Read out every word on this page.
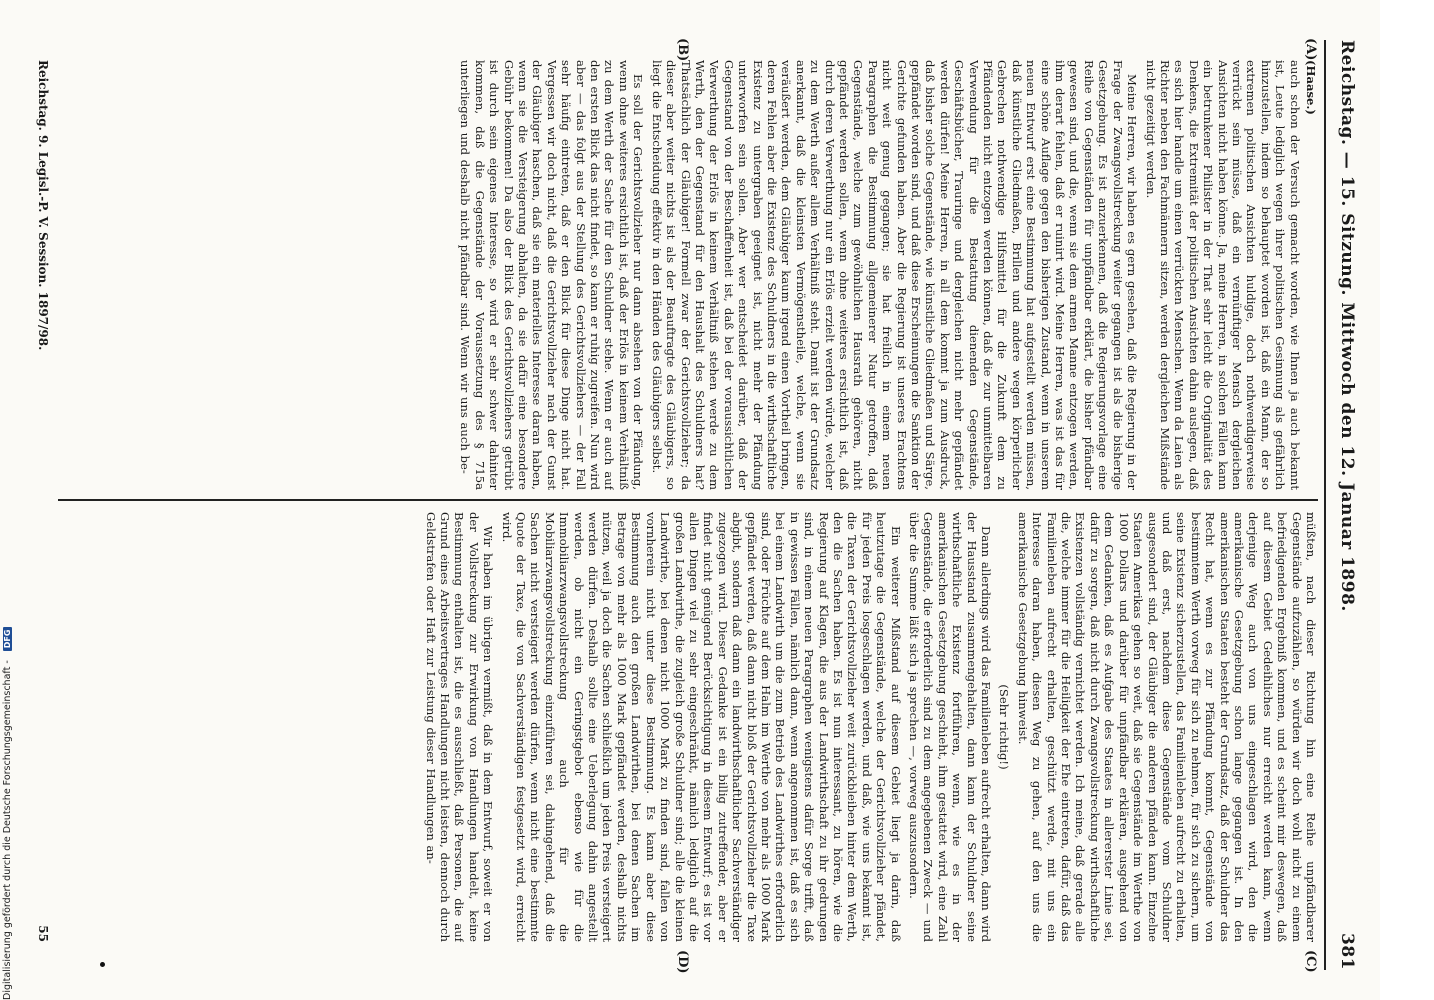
Reichstag. — 15. Sitzung. Mittwoch den 12. Januar 1898.
381
(A)
(B)
(C)
(D)
(Haase.)

auch schon der Versuch gemacht worden, wie Ihnen ja auch bekannt ist, Leute lediglich wegen ihrer politischen Gesinnung als gefährlich hinzustellen, indem so behauptet worden ist, daß ein Mann, der so extremen politischen Ansichten huldige, doch nothwendigerweise verrückt sein müsse, daß ein vernünftiger Mensch dergleichen Ansichten nicht haben könne. Ja, meine Herren, in solchen Fällen kann ein betrunkener Philister in der That sehr leicht die Originalität des Denkens, die Extremität der politischen Ansichten dahin auslegen, daß es sich hier handle um einen verrückten Menschen. Wenn da Laien als Richter neben den Fachmännern sitzen, werden dergleichen Mißstände nicht gezeitigt werden.

Meine Herren, wir haben es gern gesehen, daß die Regierung in der Frage der Zwangsvollstreckung weiter gegangen ist als die bisherige Gesetzgebung. Es ist anzuerkennen, daß die Regierungsvorlage eine Reihe von Gegenständen für unpfändbar erklärt, die bisher pfändbar gewesen sind, und die, wenn sie dem armen Manne entzogen werden, ihm derart fehlen, daß er ruinirt wird. Meine Herren, was ist das für eine schöne Auflage gegen den bisherigen Zustand, wenn in unserem neuen Entwurf erst eine Bestimmung hat aufgestellt werden müssen, daß künstliche Gliedmaßen, Brillen und andere wegen körperlicher Gebrechen nothwendige Hilfsmittel für die Zukunft dem zu Pfändenden nicht entzogen werden können, daß die zur unmittelbaren Verwendung für die Bestattung dienenden Gegenstände, Geschäftsbücher, Trauringe und dergleichen nicht mehr gepfändet werden dürfen! Meine Herren, in all dem kommt ja zum Ausdruck, daß bisher solche Gegenstände, wie künstliche Gliedmaßen und Särge, gepfändet worden sind, und daß diese Erscheinungen die Sanktion der Gerichte gefunden haben. Aber die Regierung ist unseres Erachtens nicht weit genug gegangen; sie hat freilich in einem neuen Paragraphen die Bestimmung allgemeinerer Natur getroffen, daß Gegenstände, welche zum gewöhnlichen Hausrath gehören, nicht gepfändet werden sollen, wenn ohne weiteres ersichtlich ist, daß durch deren Verwerthung nur ein Erlös erzielt werden würde, welcher zu dem Werth außer allem Verhältniß steht. Damit ist der Grundsatz anerkannt, daß die kleinsten Vermögenstheile, welche, wenn sie veräußert werden, dem Gläubiger kaum irgend einen Vortheil bringen, deren Fehlen aber die Existenz des Schuldners in die wirthschaftliche Existenz zu untergraben geeignet ist, nicht mehr der Pfändung unterworfen sein sollen. Aber wer entscheidet darüber, daß der Gegenstand von der Beschaffenheit ist, daß bei der voraussichtlichen Verwerthung der Erlös in keinem Verhältniß stehen werde zu dem Werth, den der Gegenstand für den Haushalt des Schuldners hat? Thatsächlich der Gläubiger! Formell zwar der Gerichtsvollzieher; da dieser aber weiter nichts ist als der Beauftragte des Gläubigers, so liegt die Entscheidung effektiv in den Händen des Gläubigers selbst.

Es soll der Gerichtsvollzieher nur dann absehen von der Pfändung, wenn ohne weiteres ersichtlich ist, daß der Erlös in keinem Verhältniß zu dem Werth der Sache für den Schuldner stehe. Wenn er auch auf den ersten Blick das nicht findet, so kann er ruhig zugreifen. Nun wird aber — das folgt aus der Stellung des Gerichtsvollziehers — der Fall sehr häufig eintreten, daß er den Blick für diese Dinge nicht hat. Vergessen wir doch nicht, daß die Gerichtsvollzieher nach der Gunst der Gläubiger haschen, daß sie ein materielles Interesse daran haben, wenn sie die Versteigerung abhalten, da sie dafür eine besondere Gebühr bekommen! Da also der Blick des Gerichtsvollziehers getrübt ist durch sein eigenes Interesse, so wird er sehr schwer dahinter kommen, daß die Gegenstände der Voraussetzung des § 715a unterliegen und deshalb nicht pfändbar sind. Wenn wir uns auch be-

müßten, nach dieser Richtung hin eine Reihe unpfändbarer Gegenstände aufzuzählen, so würden wir doch wohl nicht zu einem befriedigenden Ergebniß kommen, und es scheint mir deswegen, daß auf diesem Gebiet Gedeihliches nur erreicht werden kann, wenn derjenige Weg auch von uns eingeschlagen wird, den die amerikanische Gesetzgebung schon lange gegangen ist. In den amerikanischen Staaten besteht der Grundsatz, daß der Schuldner das Recht hat, wenn es zur Pfändung kommt, Gegenstände von bestimmtem Werth vorweg für sich zu nehmen, für sich zu sichern, um seine Existenz sicherzustellen, das Familienleben aufrecht zu erhalten, und daß erst, nachdem diese Gegenstände vom Schuldner ausgesondert sind, der Gläubiger die anderen pfänden kann. Einzelne Staaten Amerikas gehen so weit, daß sie Gegenstände im Werthe von 1000 Dollars und darüber für unpfändbar erklären, ausgehend von dem Gedanken, daß es Aufgabe des Staates in allererster Linie sei, dafür zu sorgen, daß nicht durch Zwangsvollstreckung wirthschaftliche Existenzen vollständig vernichtet werden. Ich meine, daß gerade alle die, welche immer für die Heiligkeit der Ehe eintreten, dafür, daß das Familienleben aufrecht erhalten, geschützt werde, mit uns ein Interesse daran haben, diesen Weg zu gehen, auf den uns die amerikanische Gesetzgebung hinweist.

(Sehr richtig!)

Dann allerdings wird das Familienleben aufrecht erhalten, dann wird der Hausstand zusammengehalten, dann kann der Schuldner seine wirthschaftliche Existenz fortführen, wenn, wie es in der amerikanischen Gesetzgebung geschieht, ihm gestattet wird, eine Zahl Gegenstände, die erforderlich sind zu dem angegebenen Zweck — und über die Summe läßt sich ja sprechen —, vorweg auszusondern.

Ein weiterer Mißstand auf diesem Gebiet liegt ja darin, daß heutzutage die Gegenstände, welche der Gerichtsvollzieher pfändet, für jeden Preis losgeschlagen werden, und daß, wie uns bekannt ist, die Taxen der Gerichtsvollzieher weit zurückbleiben hinter dem Werth, den die Sachen haben. Es ist nun interessant, zu hören, wie die Regierung auf Klagen, die aus der Landwirthschaft zu ihr gedrungen sind, in einem neuen Paragraphen wenigstens dafür Sorge trifft, daß in gewissen Fällen, nämlich dann, wenn angenommen ist, daß es sich bei einem Landwirth um die zum Betrieb des Landwirthes erforderlich sind, oder Früchte auf dem Halm im Werthe von mehr als 1000 Mark gepfändet werden, daß dann nicht bloß der Gerichtsvollzieher die Taxe abgibt, sondern daß dann ein landwirthschaftlicher Sachverständiger zugezogen wird. Dieser Gedanke ist ein billig zutreffender, aber er findet nicht genügend Berücksichtigung in diesem Entwurf; es ist vor allen Dingen viel zu sehr eingeschränkt, nämlich lediglich auf die großen Landwirthe, die zugleich große Schuldner sind; alle die kleinen Landwirthe, bei denen nicht 1000 Mark zu finden sind, fallen von vornherein nicht unter diese Bestimmung. Es kann aber diese Bestimmung auch den großen Landwirthen, bei denen Sachen im Betrage von mehr als 1000 Mark gepfändet werden, deshalb nichts nützen, weil ja doch die Sachen schließlich um jeden Preis versteigert werden dürfen. Deshalb sollte eine Ueberlegung dahin angestellt werden, ob nicht ein Geringstgebot ebenso wie für die Immobiliarzwangsvollstreckung auch für die Mobiliarzwangsvollstreckung einzuführen sei, dahingehend, daß die Sachen nicht versteigert werden dürfen, wenn nicht eine bestimmte Quote der Taxe, die von Sachverständigen festgesetzt wird, erreicht wird.

Wir haben im übrigen vermißt, daß in dem Entwurf, soweit er von der Vollstreckung zur Erwirkung von Handlungen handelt, keine Bestimmung enthalten ist, die es ausschließt, daß Personen, die auf Grund eines Arbeitsvertrages Handlungen nicht leisten, dennoch durch Geldstrafen oder Haft zur Leistung dieser Handlungen an-

Reichstag. 9. Legisl.-P. V. Session. 1897/98.
55
Digitalisierung gefördert durch die Deutsche Forschungsgemeinschaft - DFG
